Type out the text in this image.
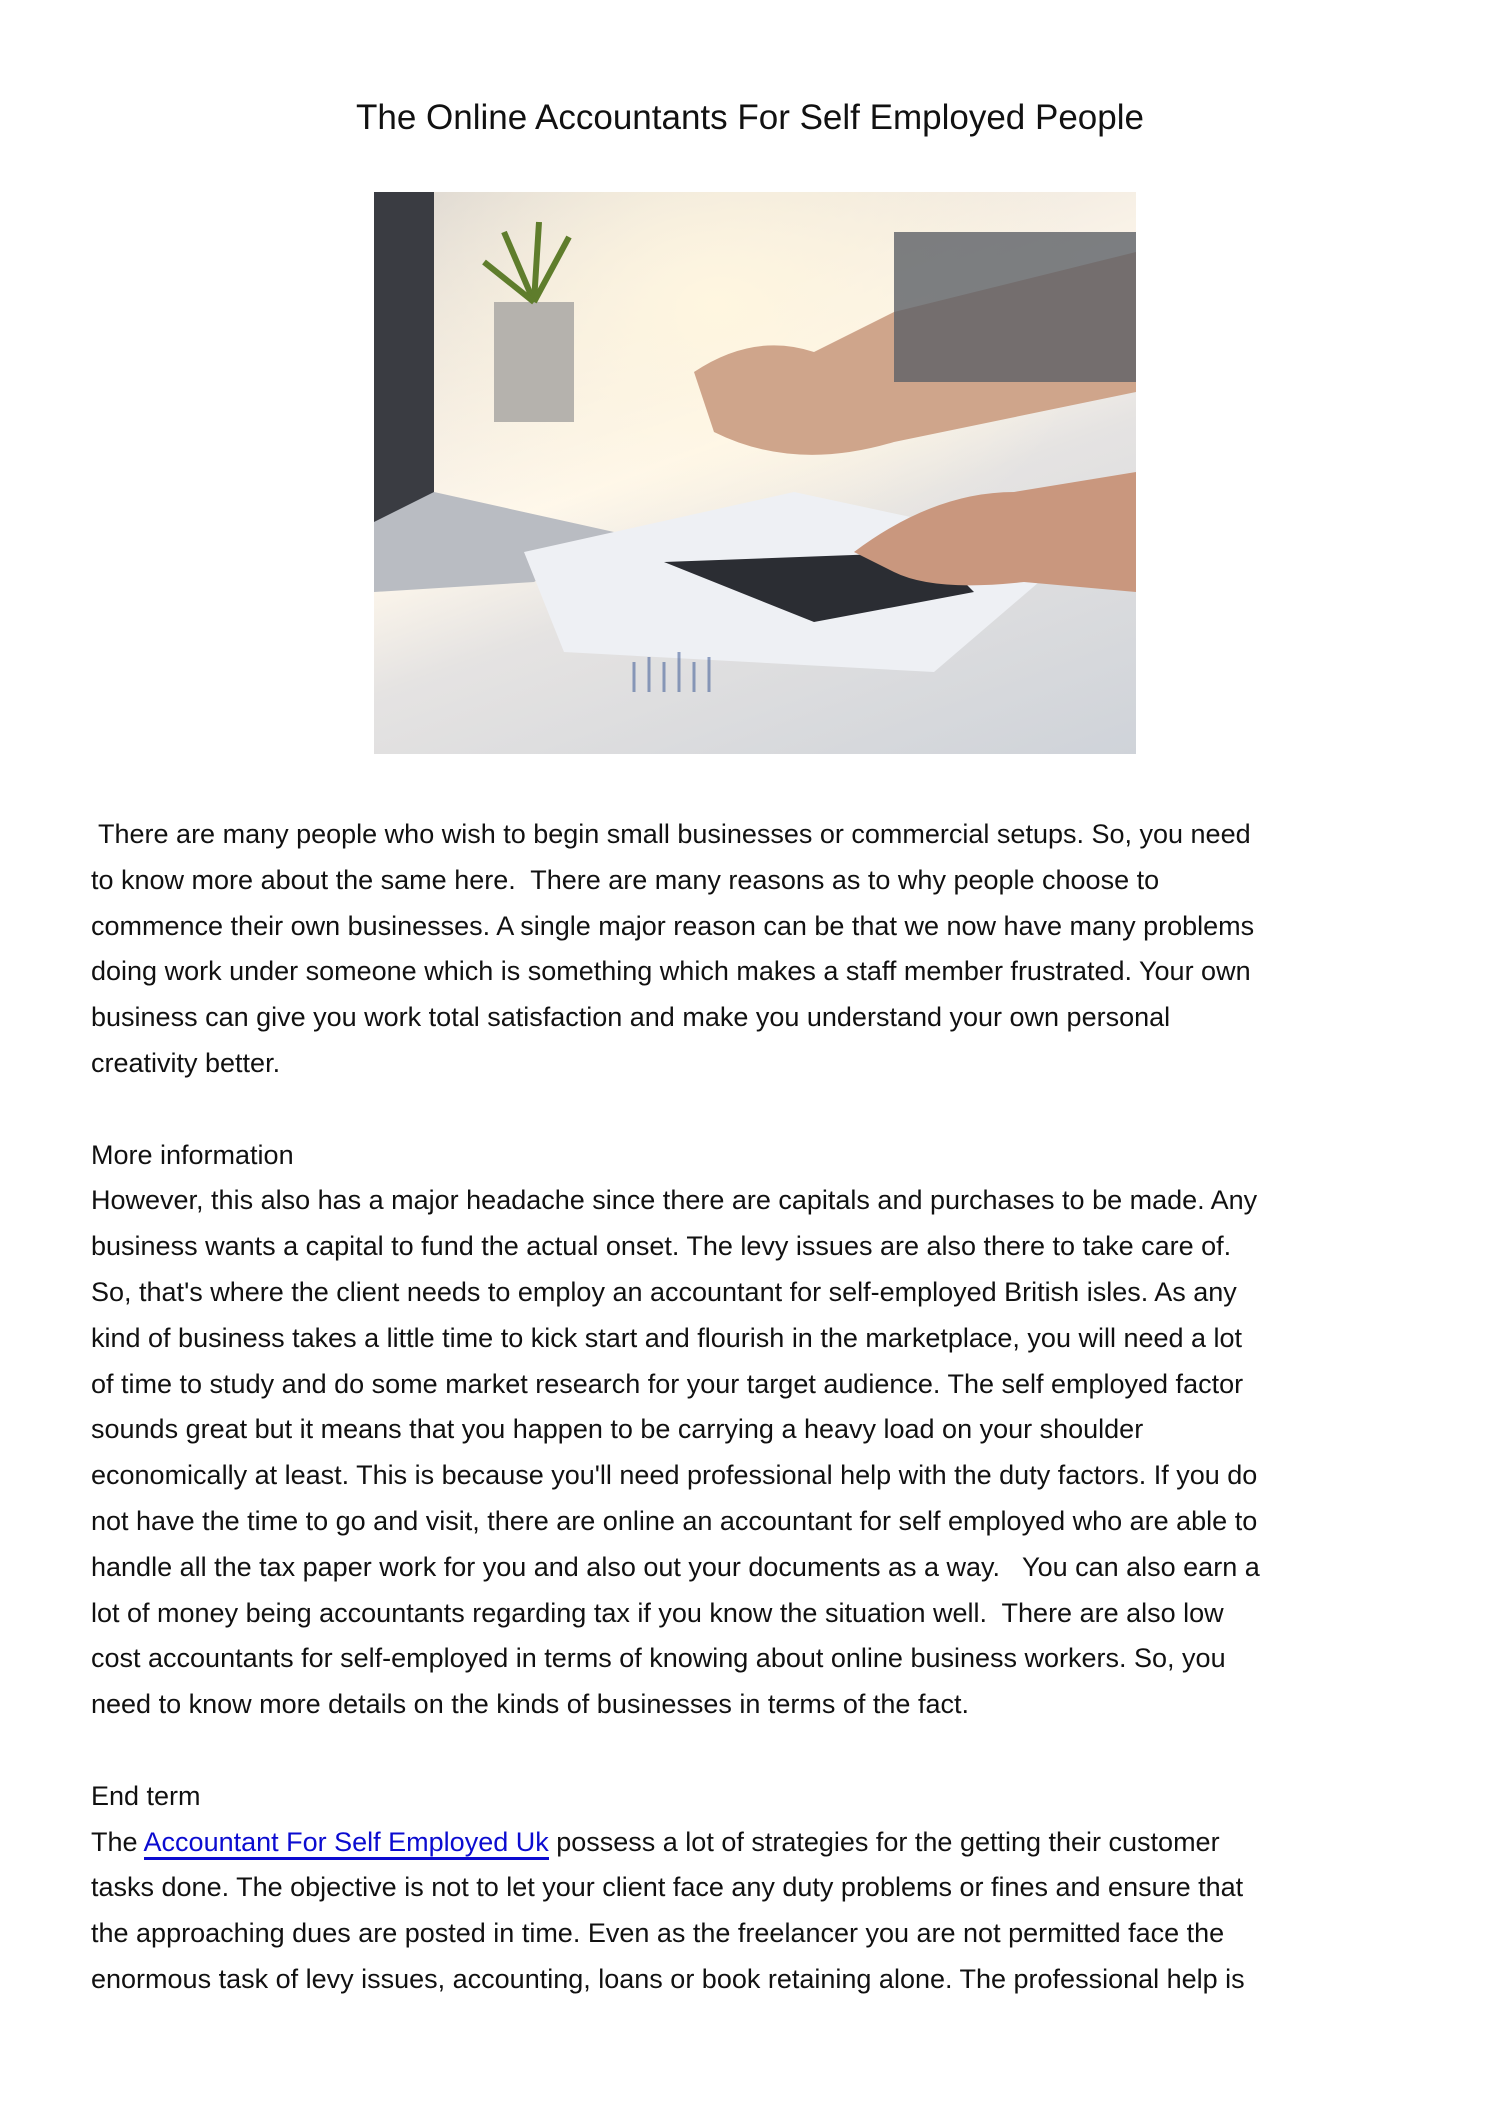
The Online Accountants For Self Employed People
There are many people who wish to begin small businesses or commercial setups. So, you need
to know more about the same here.  There are many reasons as to why people choose to
commence their own businesses. A single major reason can be that we now have many problems
doing work under someone which is something which makes a staff member frustrated. Your own
business can give you work total satisfaction and make you understand your own personal
creativity better.
More information
However, this also has a major headache since there are capitals and purchases to be made. Any
business wants a capital to fund the actual onset. The levy issues are also there to take care of.
So, that's where the client needs to employ an accountant for self-employed British isles. As any
kind of business takes a little time to kick start and flourish in the marketplace, you will need a lot
of time to study and do some market research for your target audience. The self employed factor
sounds great but it means that you happen to be carrying a heavy load on your shoulder
economically at least. This is because you'll need professional help with the duty factors. If you do
not have the time to go and visit, there are online an accountant for self employed who are able to
handle all the tax paper work for you and also out your documents as a way.   You can also earn a
lot of money being accountants regarding tax if you know the situation well.  There are also low
cost accountants for self-employed in terms of knowing about online business workers. So, you
need to know more details on the kinds of businesses in terms of the fact.
End term
The Accountant For Self Employed Uk possess a lot of strategies for the getting their customer
tasks done. The objective is not to let your client face any duty problems or fines and ensure that
the approaching dues are posted in time. Even as the freelancer you are not permitted face the
enormous task of levy issues, accounting, loans or book retaining alone. The professional help is
